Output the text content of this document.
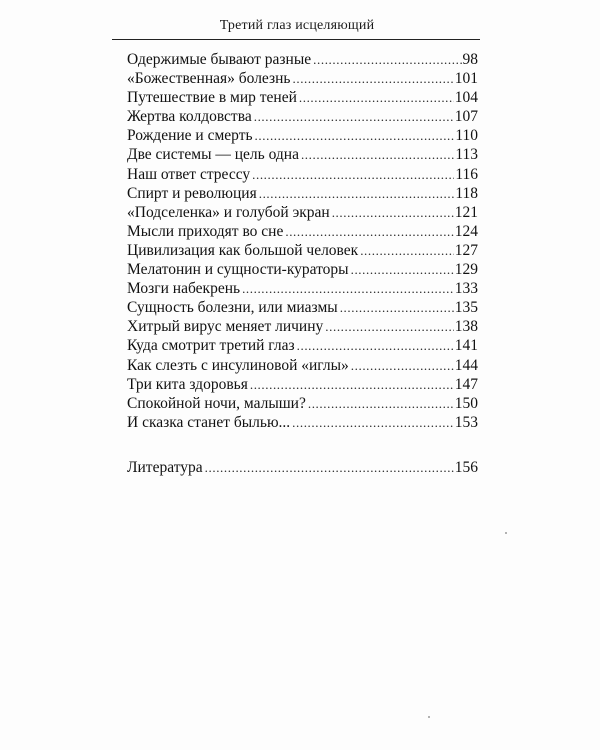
Третий глаз исцеляющий
Одержимые бывают разные .....	98
«Божественная» болезнь .....	101
Путешествие в мир теней .....	104
Жертва колдовства .....	107
Рождение и смерть .....	110
Две системы — цель одна .....	113
Наш ответ стрессу .....	116
Спирт и революция .....	118
«Подселенка» и голубой экран .....	121
Мысли приходят во сне .....	124
Цивилизация как большой человек .....	127
Мелатонин и сущности-кураторы .....	129
Мозги набекрень .....	133
Сущность болезни, или миазмы .....	135
Хитрый вирус меняет личину .....	138
Куда смотрит третий глаз .....	141
Как слезть с инсулиновой «иглы» .....	144
Три кита здоровья .....	147
Спокойной ночи, малыши? .....	150
И сказка станет былью... .....	153
Литература .....	156
